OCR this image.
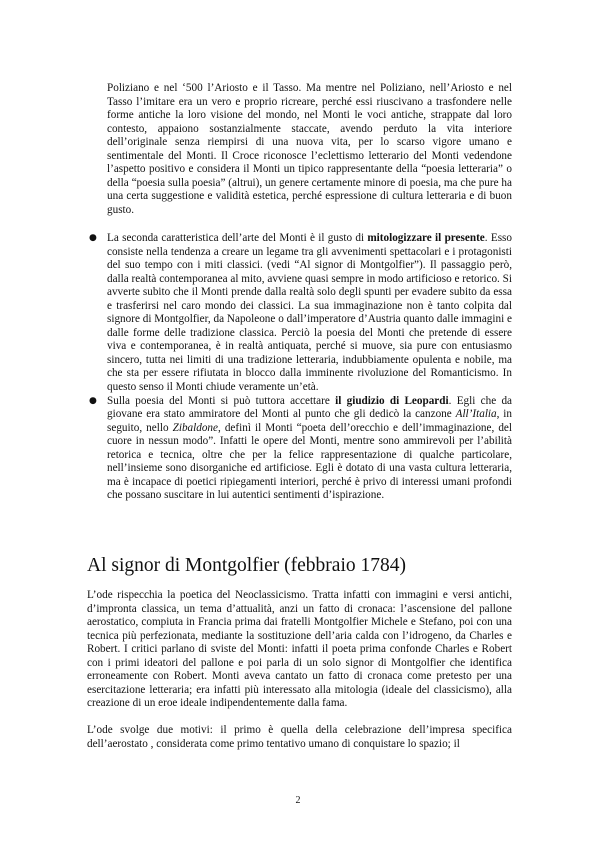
Poliziano e nel ‘500 l’Ariosto e il Tasso. Ma mentre nel Poliziano, nell’Ariosto e nel Tasso l’imitare era un vero e proprio ricreare, perché essi riuscivano a trasfondere nelle forme antiche la loro visione del mondo, nel Monti le voci antiche, strappate dal loro contesto, appaiono sostanzialmente staccate, avendo perduto la vita interiore dell’originale senza riempirsi di una nuova vita, per lo scarso vigore umano e sentimentale del Monti. Il Croce riconosce l’eclettismo letterario del Monti vedendone l’aspetto positivo e considera il Monti un tipico rappresentante della “poesia letteraria” o della “poesia sulla poesia” (altrui), un genere certamente minore di poesia, ma che pure ha una certa suggestione e validità estetica, perché espressione di cultura letteraria e di buon gusto.

● La seconda caratteristica dell’arte del Monti è il gusto di mitologizzare il presente. Esso consiste nella tendenza a creare un legame tra gli avvenimenti spettacolari e i protagonisti del suo tempo con i miti classici. (vedi “Al signor di Montgolfier”). Il passaggio però, dalla realtà contemporanea al mito, avviene quasi sempre in modo artificioso e retorico. Si avverte subito che il Monti prende dalla realtà solo degli spunti per evadere subito da essa e trasferirsi nel caro mondo dei classici. La sua immaginazione non è tanto colpita dal signore di Montgolfier, da Napoleone o dall’imperatore d’Austria quanto dalle immagini e dalle forme delle tradizione classica. Perciò la poesia del Monti che pretende di essere viva e contemporanea, è in realtà antiquata, perché si muove, sia pure con entusiasmo sincero, tutta nei limiti di una tradizione letteraria, indubbiamente opulenta e nobile, ma che sta per essere rifiutata in blocco dalla imminente rivoluzione del Romanticismo. In questo senso il Monti chiude veramente un’età.
● Sulla poesia del Monti si può tuttora accettare il giudizio di Leopardi. Egli che da giovane era stato ammiratore del Monti al punto che gli dedicò la canzone All’Italia, in seguito, nello Zibaldone, definì il Monti “poeta dell’orecchio e dell’immaginazione, del cuore in nessun modo”. Infatti le opere del Monti, mentre sono ammirevoli per l’abilità retorica e tecnica, oltre che per la felice rappresentazione di qualche particolare, nell’insieme sono disorganiche ed artificiose. Egli è dotato di una vasta cultura letteraria, ma è incapace di poetici ripiegamenti interiori, perché è privo di interessi umani profondi che possano suscitare in lui autentici sentimenti d’ispirazione.
Al signor di Montgolfier (febbraio 1784)

L’ode rispecchia la poetica del Neoclassicismo. Tratta infatti con immagini e versi antichi, d’impronta classica, un tema d’attualità, anzi un fatto di cronaca: l’ascensione del pallone aerostatico, compiuta in Francia prima dai fratelli Montgolfier Michele e Stefano, poi con una tecnica più perfezionata, mediante la sostituzione dell’aria calda con l’idrogeno, da Charles e Robert. I critici parlano di sviste del Monti: infatti il poeta prima confonde Charles e Robert con i primi ideatori del pallone e poi parla di un solo signor di Montgolfier che identifica erroneamente con Robert. Monti aveva cantato un fatto di cronaca come pretesto per una esercitazione letteraria; era infatti più interessato alla mitologia (ideale del classicismo), alla creazione di un eroe ideale indipendentemente dalla fama.

L’ode svolge due motivi: il primo è quella della celebrazione dell’impresa specifica dell’aerostato , considerata come primo tentativo umano di conquistare lo spazio; il

2
